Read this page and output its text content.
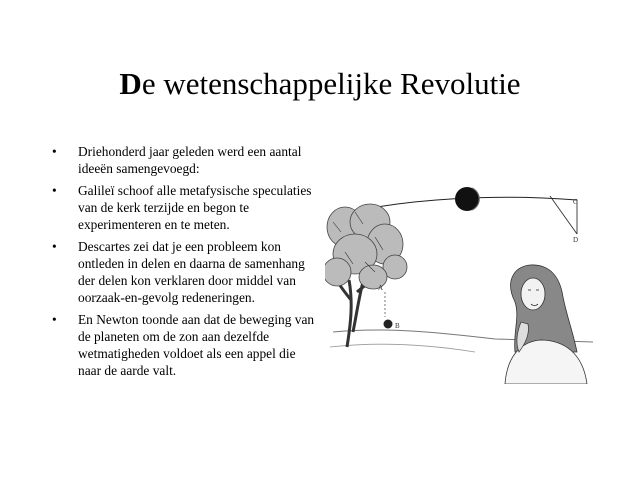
De wetenschappelijke Revolutie
• Driehonderd jaar geleden werd een aantal ideeën samengevoegd:
• Galileï schoof alle metafysische speculaties van de kerk terzijde en begon te experimenteren en te meten.
• Descartes zei dat je een probleem kon ontleden in delen en daarna de samenhang der delen kon verklaren door middel van oorzaak-en-gevolg redeneringen.
• En Newton toonde aan dat de beweging van de planeten om de zon aan dezelfde wetmatigheden voldoet als een appel die naar de aarde valt.
A
B
C
D
